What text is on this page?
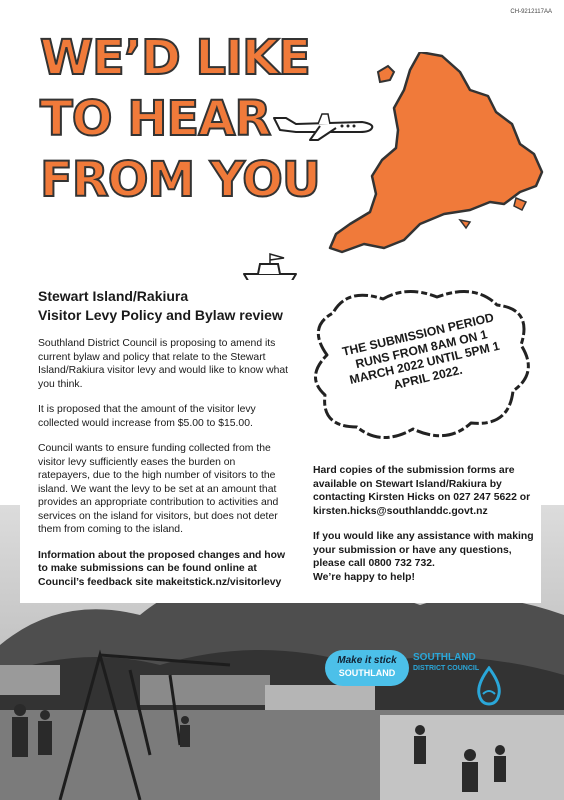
CH-9212117AA
WE’D LIKE
TO HEAR
FROM YOU
Stewart Island/Rakiura
Visitor Levy Policy and Bylaw review

Southland District Council is proposing to amend its current bylaw and policy that relate to the Stewart Island/Rakiura visitor levy and would like to know what you think.

It is proposed that the amount of the visitor levy collected would increase from $5.00 to $15.00.

Council wants to ensure funding collected from the visitor levy sufficiently eases the burden on ratepayers, due to the high number of visitors to the island. We want the levy to be set at an amount that provides an appropriate contribution to activities and services on the island for visitors, but does not deter them from coming to the island.

Information about the proposed changes and how to make submissions can be found online at Council’s feedback site makeitstick.nz/visitorlevy

THE SUBMISSION PERIOD RUNS FROM 8AM ON 1 MARCH 2022 UNTIL 5PM 1 APRIL 2022.

Hard copies of the submission forms are available on Stewart Island/Rakiura by contacting Kirsten Hicks on 027 247 5622 or kirsten.hicks@southlanddc.govt.nz

If you would like any assistance with making your submission or have any questions, please call 0800 732 732.

We’re happy to help!

Make it stick
SOUTHLAND
SOUTHLAND
DISTRICT COUNCIL
